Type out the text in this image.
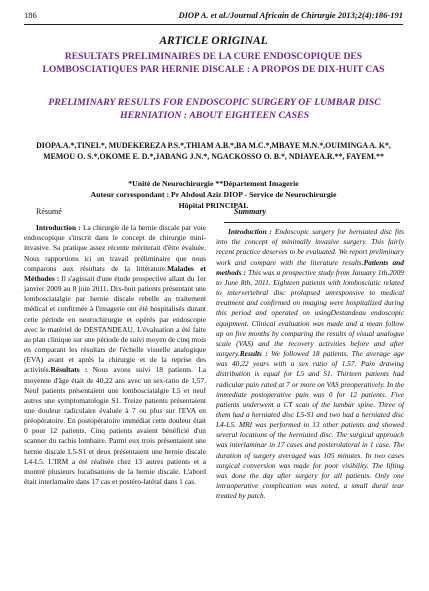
186	DIOP A. et al./Journal Africain de Chirurgie 2013;2(4):186-191
ARTICLE ORIGINAL
RESULTATS PRELIMINAIRES DE LA CURE ENDOSCOPIQUE DES LOMBOSCIATIQUES PAR HERNIE DISCALE : A PROPOS DE DIX-HUIT CAS
PRELIMINARY RESULTS FOR ENDOSCOPIC SURGERY OF LUMBAR DISC HERNIATION : ABOUT EIGHTEEN CASES
DIOPA.A.*,TINEI.*, MUDEKEREZA P.S.*,THIAM A.B.*,BA M.C.*,MBAYE M.N.*,OUIMINGA A. K*, MEMOU O. S.*,OKOME E. D.*,JABANG J.N.*, NGACKOSSO O. B.*, NDIAYEA.R.**, FAYEM.**
*Unité de Neurochirurgie **Département Imagerie
Auteur correspondant : Pr Abdoul Aziz DIOP - Service de Neurochirurgie
Hôpital PRINCIPAL
Résumé

Introduction : La chirurgie de la hernie discale par voie endoscopique s'inscrit dans le concept de chirurgie mini-invasive. Sa pratique assez récente mériterait d'être évaluée. Nous rapportions ici un travail préliminaire que nous comparons aux résultats de la littérature.Malades et Méthodes : Il s'agissait d'une étude prospective allant du 1er janvier 2009 au 8 juin 2011. Dix-huit patients présentant une lombosciatalgie par hernie discale rebelle au traitement médical et confirmée à l'imagerie ont été hospitalisés durant cette période en neurochirurgie et opérés par endoscopie avec le matériel de DESTANDEAU. L'évaluation a été faite au plan clinique sur une période de suivi moyen de cinq mois en comparant les résultats de l'échelle visuelle analogique (EVA) avant et après la chirurgie et de la reprise des activités.Résultats : Nous avons suivi 18 patients. La moyenne d'âge était de 40,22 ans avec un sex-ratio de 1,57. Neuf patients présentaient une lombosciatalgie L5 et neuf autres une symptomatologie S1. Treize patients présentaient une douleur radiculaire évaluée à 7 ou plus sur l'EVA en préopératoire. En postopératoire immédiat cette douleur était 0 pour 12 patients. Cinq patients avaient bénéficié d'un scanner du rachis lombaire. Parmi eux trois présentaient une hernie discale L5-S1 et deux présentaient une hernie discale L4-L5. L'IRM a été réalisée chez 13 autres patients et a montré plusieurs localisations de la hernie discale. L'abord était interlamaire dans 17 cas et postéro-latéral dans 1 cas.

Summary

Introduction : Endoscopic surgery for herniated disc fits into the concept of minimally invasive surgery. This fairly recent practice deserves to be evaluated. We report preliminary work and compare with the literature results.Patients and methods : This was a prospective study from January 1th,2009 to June 8th, 2011. Eighteen patients with lombosciatic related to intervertebral disc prolapsed unresponsive to medical treatment and confirmed on imaging were hospitalized during this period and operated on usingDestandeau endoscopic equipment. Clinical evaluation was made and a mean follow up on five months by comparing the results of visual analogue scale (VAS) and the recovery activities before and after surgery.Results : We followed 18 patients. The average age was 40,22 years with a sex ratio of 1.57. Pain drawing distribution is equal for L5 and S1. Thirteen patients had radicular pain rated at 7 or more on VAS preoperatively. In the immediate postoperative pain was 0 for 12 patients. Five patients underwent a CT scan of the lumbar spine. Three of them had a herniated disc L5-S1 and two had a herniated disc L4-L5. MRI was performed in 13 other patients and showed several locations of the herniated disc. The surgical approach was interlaminar in 17 cases and posterolateral in 1 case. The duration of surgery averaged was 105 minutes. In two cases surgical conversion was made for poor visibility. The lifting was done the day after surgery for all patients. Only one intraoperative complication was noted, a small dural tear treated by patch.
